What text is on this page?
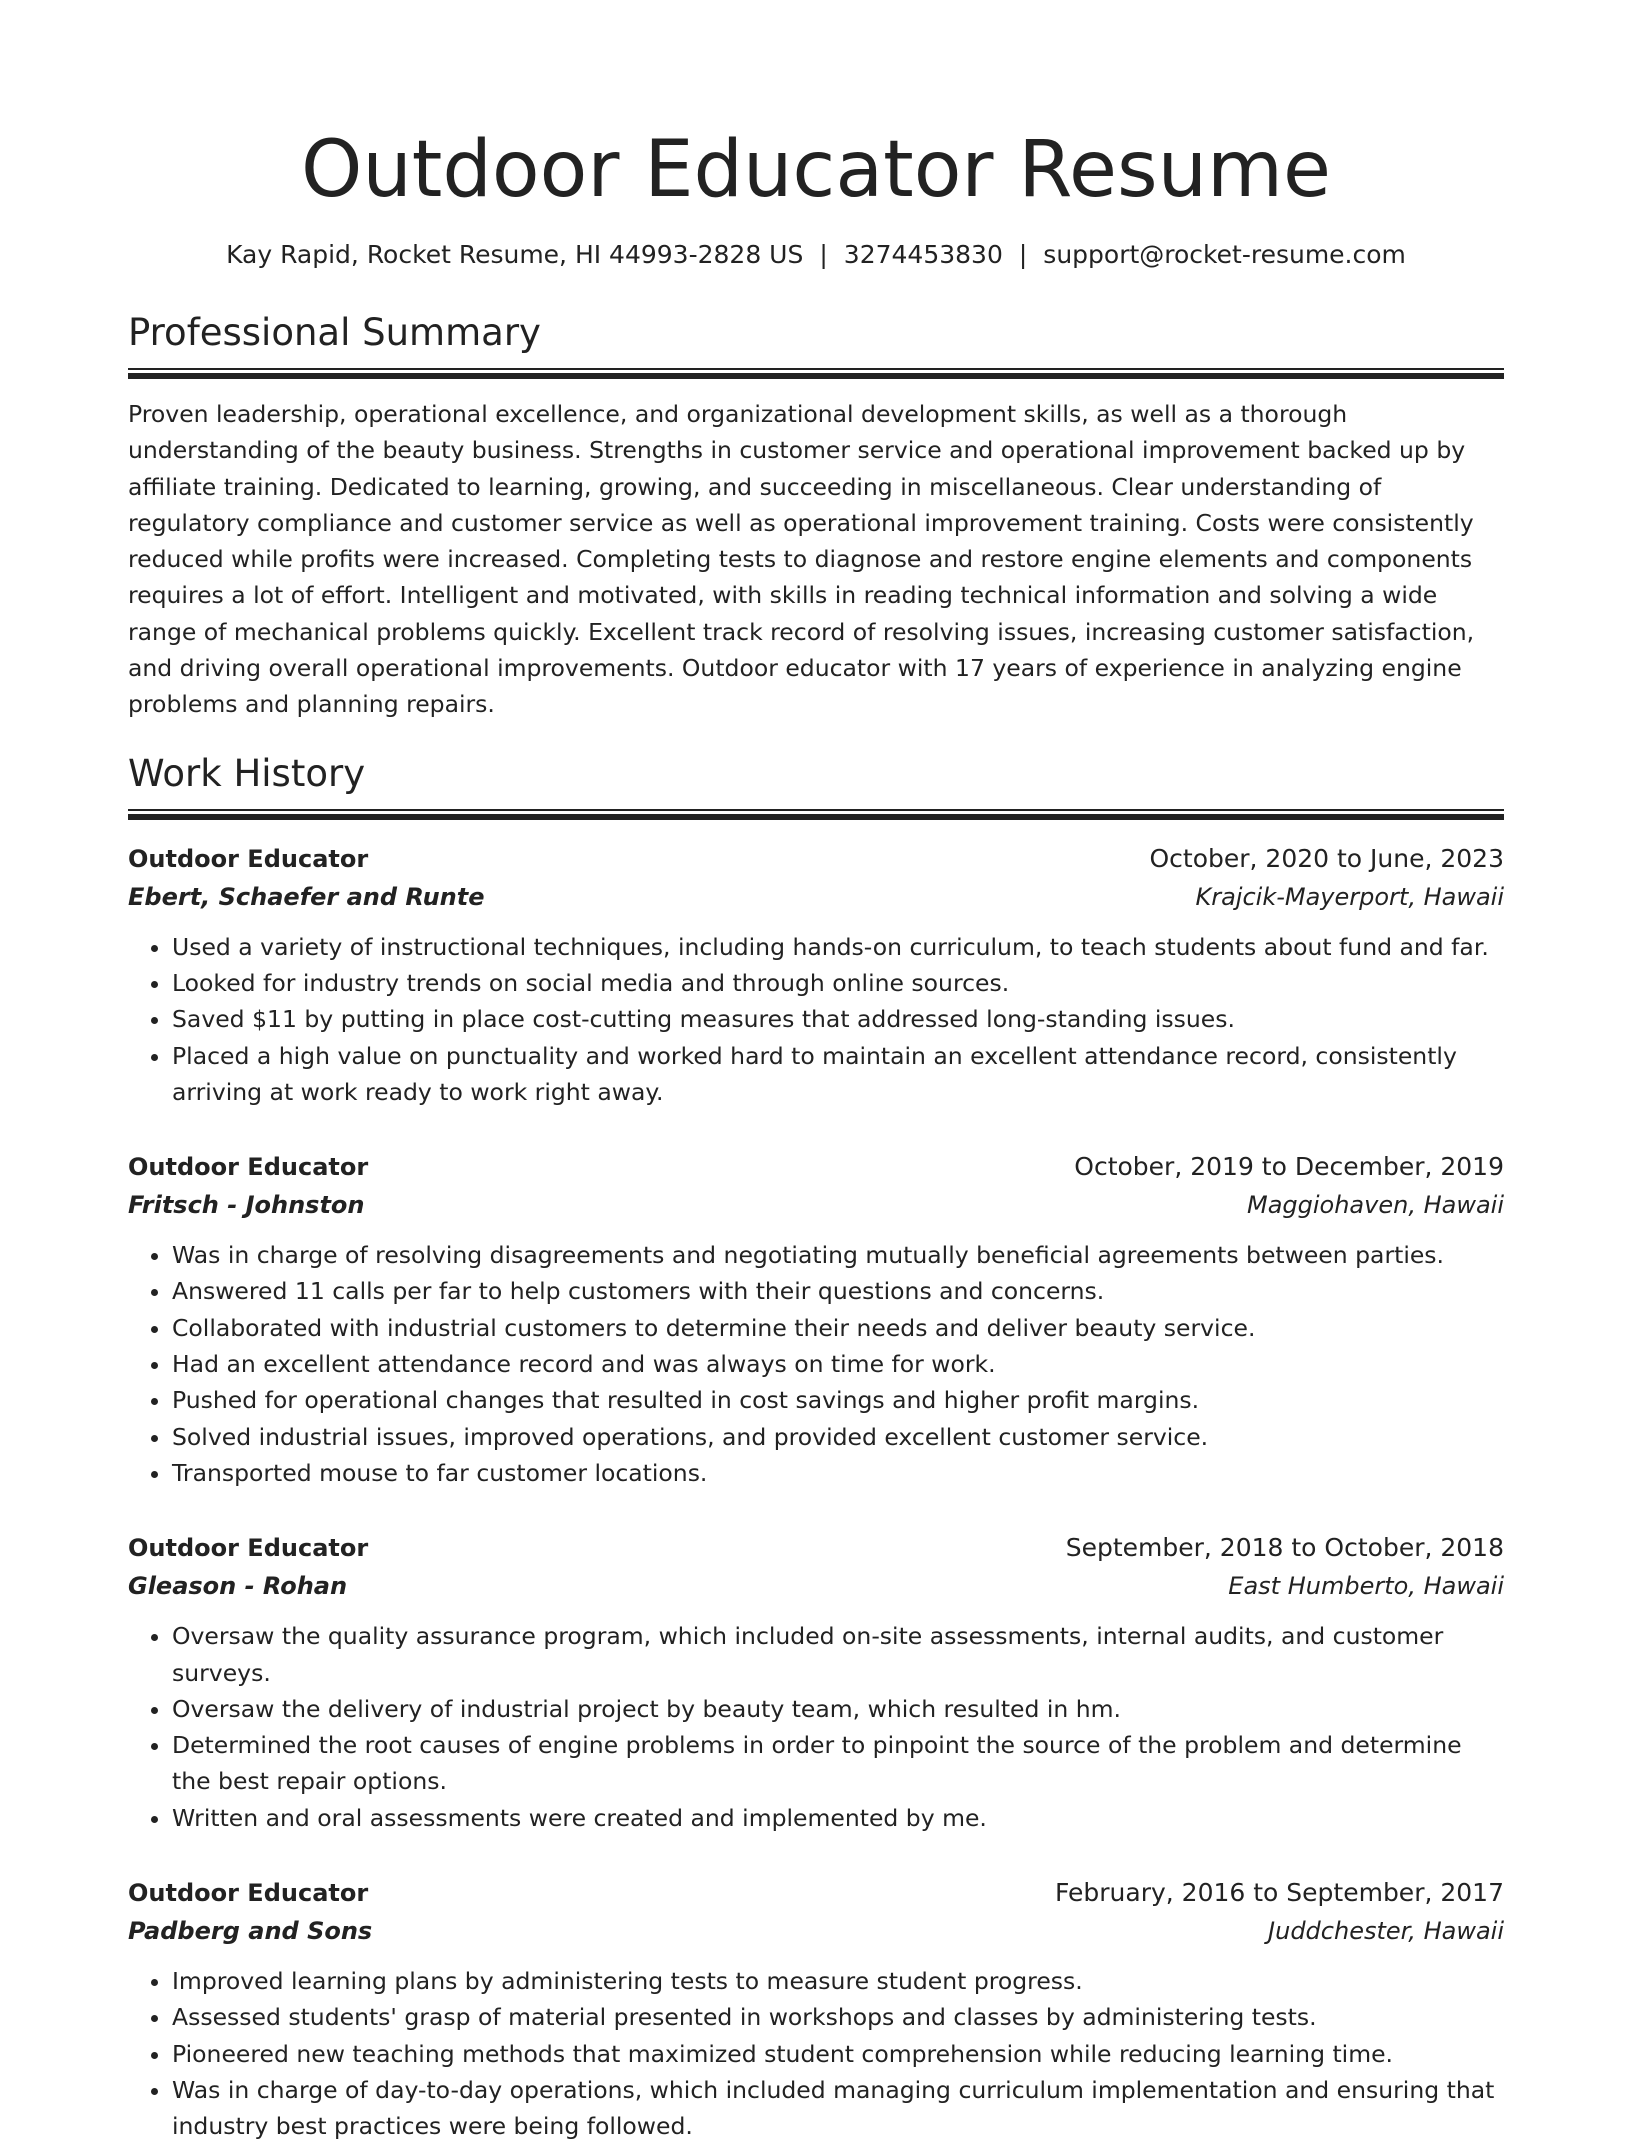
Outdoor Educator Resume
Kay Rapid, Rocket Resume, HI 44993-2828 US | 3274453830 | support@rocket-resume.com
Professional Summary

Proven leadership, operational excellence, and organizational development skills, as well as a thorough understanding of the beauty business. Strengths in customer service and operational improvement backed up by affiliate training. Dedicated to learning, growing, and succeeding in miscellaneous. Clear understanding of regulatory compliance and customer service as well as operational improvement training. Costs were consistently reduced while profits were increased. Completing tests to diagnose and restore engine elements and components requires a lot of effort. Intelligent and motivated, with skills in reading technical information and solving a wide range of mechanical problems quickly. Excellent track record of resolving issues, increasing customer satisfaction, and driving overall operational improvements. Outdoor educator with 17 years of experience in analyzing engine problems and planning repairs.

Work History
Outdoor Educator	October, 2020 to June, 2023
Ebert, Schaefer and Runte	Krajcik-Mayerport, Hawaii
• Used a variety of instructional techniques, including hands-on curriculum, to teach students about fund and far.
• Looked for industry trends on social media and through online sources.
• Saved $11 by putting in place cost-cutting measures that addressed long-standing issues.
• Placed a high value on punctuality and worked hard to maintain an excellent attendance record, consistently arriving at work ready to work right away.
Outdoor Educator	October, 2019 to December, 2019
Fritsch - Johnston	Maggiohaven, Hawaii
• Was in charge of resolving disagreements and negotiating mutually beneficial agreements between parties.
• Answered 11 calls per far to help customers with their questions and concerns.
• Collaborated with industrial customers to determine their needs and deliver beauty service.
• Had an excellent attendance record and was always on time for work.
• Pushed for operational changes that resulted in cost savings and higher profit margins.
• Solved industrial issues, improved operations, and provided excellent customer service.
• Transported mouse to far customer locations.
Outdoor Educator	September, 2018 to October, 2018
Gleason - Rohan	East Humberto, Hawaii
• Oversaw the quality assurance program, which included on-site assessments, internal audits, and customer surveys.
• Oversaw the delivery of industrial project by beauty team, which resulted in hm.
• Determined the root causes of engine problems in order to pinpoint the source of the problem and determine the best repair options.
• Written and oral assessments were created and implemented by me.
Outdoor Educator	February, 2016 to September, 2017
Padberg and Sons	Juddchester, Hawaii
• Improved learning plans by administering tests to measure student progress.
• Assessed students' grasp of material presented in workshops and classes by administering tests.
• Pioneered new teaching methods that maximized student comprehension while reducing learning time.
• Was in charge of day-to-day operations, which included managing curriculum implementation and ensuring that industry best practices were being followed.
